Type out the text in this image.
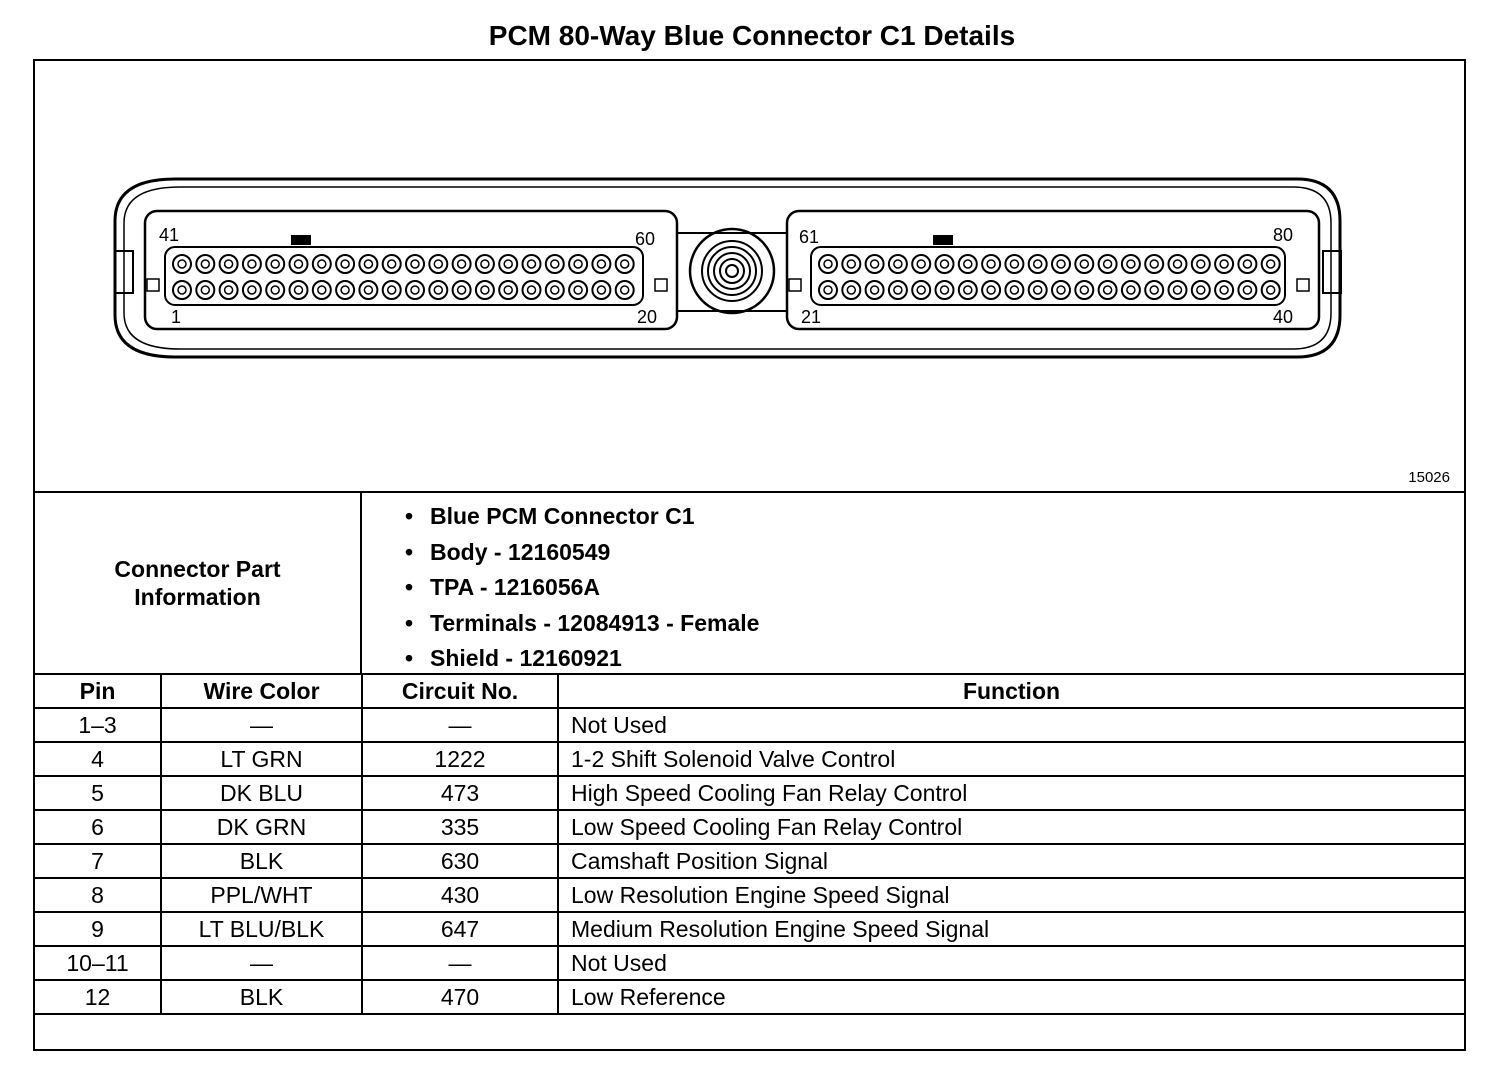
PCM 80-Way Blue Connector C1 Details
41	60
1	20
61	80
21	40
15026
Connector Part Information
• Blue PCM Connector C1
• Body - 12160549
• TPA - 1216056A
• Terminals - 12084913 - Female
• Shield - 12160921
Pin	Wire Color	Circuit No.	Function
1–3	—	—	Not Used
4	LT GRN	1222	1-2 Shift Solenoid Valve Control
5	DK BLU	473	High Speed Cooling Fan Relay Control
6	DK GRN	335	Low Speed Cooling Fan Relay Control
7	BLK	630	Camshaft Position Signal
8	PPL/WHT	430	Low Resolution Engine Speed Signal
9	LT BLU/BLK	647	Medium Resolution Engine Speed Signal
10–11	—	—	Not Used
12	BLK	470	Low Reference
